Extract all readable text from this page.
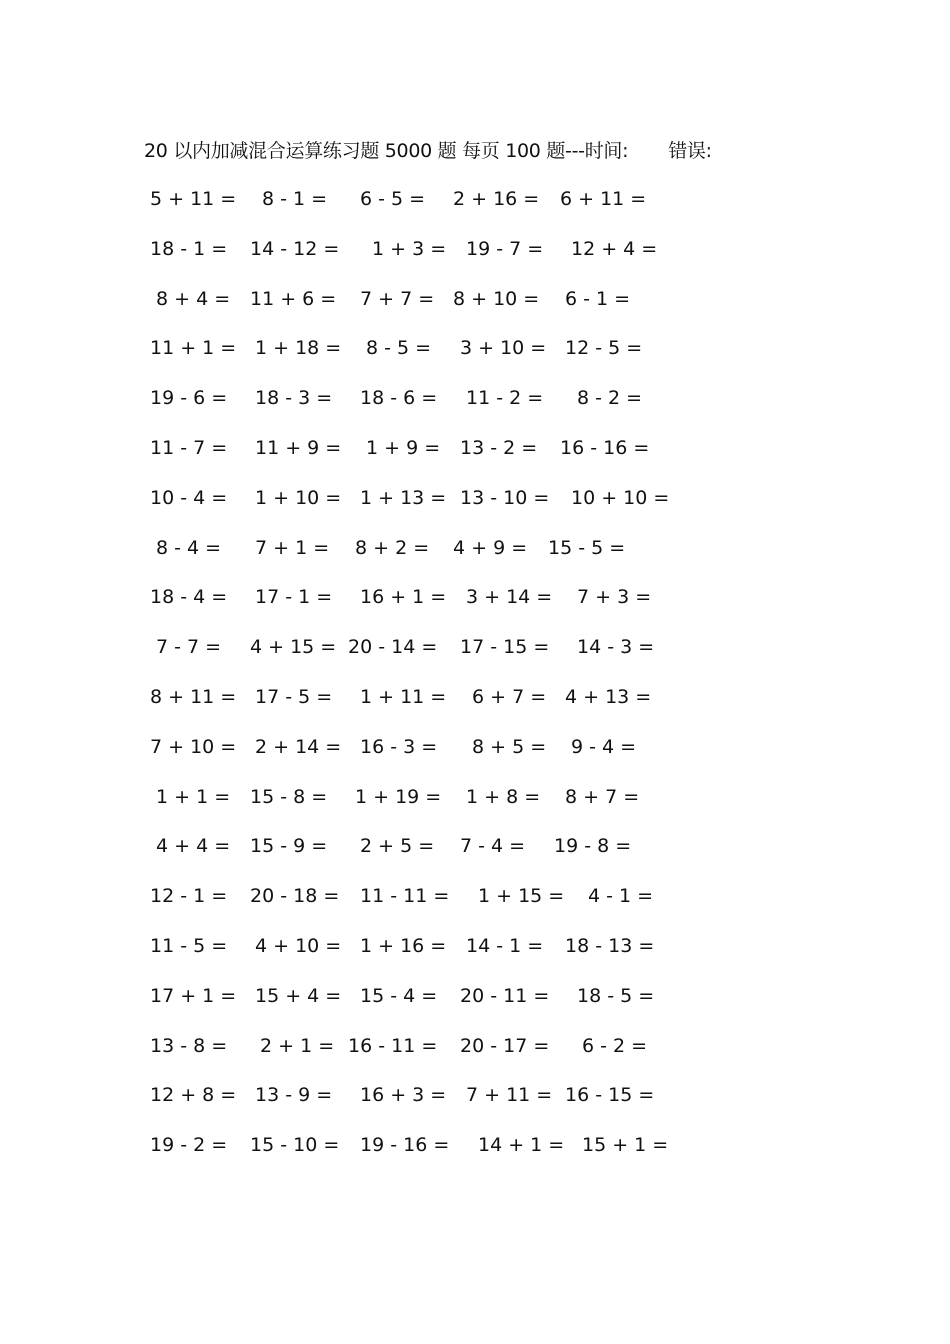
20 以内加减混合运算练习题 5000 题 每页 100 题---时间: 错误:
5 + 11 = 8 - 1 = 6 - 5 = 2 + 16 = 6 + 11 =
18 - 1 = 14 - 12 = 1 + 3 = 19 - 7 = 12 + 4 =
8 + 4 = 11 + 6 = 7 + 7 = 8 + 10 = 6 - 1 =
11 + 1 = 1 + 18 = 8 - 5 = 3 + 10 = 12 - 5 =
19 - 6 = 18 - 3 = 18 - 6 = 11 - 2 = 8 - 2 =
11 - 7 = 11 + 9 = 1 + 9 = 13 - 2 = 16 - 16 =
10 - 4 = 1 + 10 = 1 + 13 = 13 - 10 = 10 + 10 =
8 - 4 = 7 + 1 = 8 + 2 = 4 + 9 = 15 - 5 =
18 - 4 = 17 - 1 = 16 + 1 = 3 + 14 = 7 + 3 =
7 - 7 = 4 + 15 = 20 - 14 = 17 - 15 = 14 - 3 =
8 + 11 = 17 - 5 = 1 + 11 = 6 + 7 = 4 + 13 =
7 + 10 = 2 + 14 = 16 - 3 = 8 + 5 = 9 - 4 =
1 + 1 = 15 - 8 = 1 + 19 = 1 + 8 = 8 + 7 =
4 + 4 = 15 - 9 = 2 + 5 = 7 - 4 = 19 - 8 =
12 - 1 = 20 - 18 = 11 - 11 = 1 + 15 = 4 - 1 =
11 - 5 = 4 + 10 = 1 + 16 = 14 - 1 = 18 - 13 =
17 + 1 = 15 + 4 = 15 - 4 = 20 - 11 = 18 - 5 =
13 - 8 = 2 + 1 = 16 - 11 = 20 - 17 = 6 - 2 =
12 + 8 = 13 - 9 = 16 + 3 = 7 + 11 = 16 - 15 =
19 - 2 = 15 - 10 = 19 - 16 = 14 + 1 = 15 + 1 =
